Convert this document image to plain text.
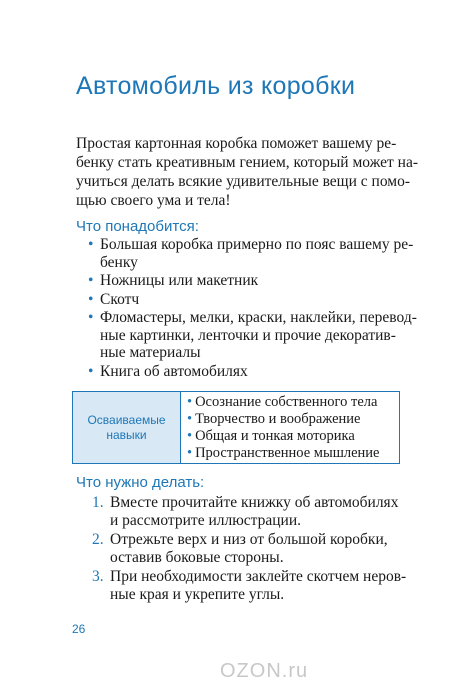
Автомобиль из коробки
Простая картонная коробка поможет вашему ре-
бенку стать креативным гением, который может на-
учиться делать всякие удивительные вещи с помо-
щью своего ума и тела!
Что понадобится:
• Большая коробка примерно по пояс вашему ре-
бенку
• Ножницы или макетник
• Скотч
• Фломастеры, мелки, краски, наклейки, перевод-
ные картинки, ленточки и прочие декоратив-
ные материалы
• Книга об автомобилях
Осваиваемые
навыки
• Осознание собственного тела
• Творчество и воображение
• Общая и тонкая моторика
• Пространственное мышление
Что нужно делать:
1. Вместе прочитайте книжку об автомобилях
и рассмотрите иллюстрации.
2. Отрежьте верх и низ от большой коробки,
оставив боковые стороны.
3. При необходимости заклейте скотчем неров-
ные края и укрепите углы.
26
OZON.ru
